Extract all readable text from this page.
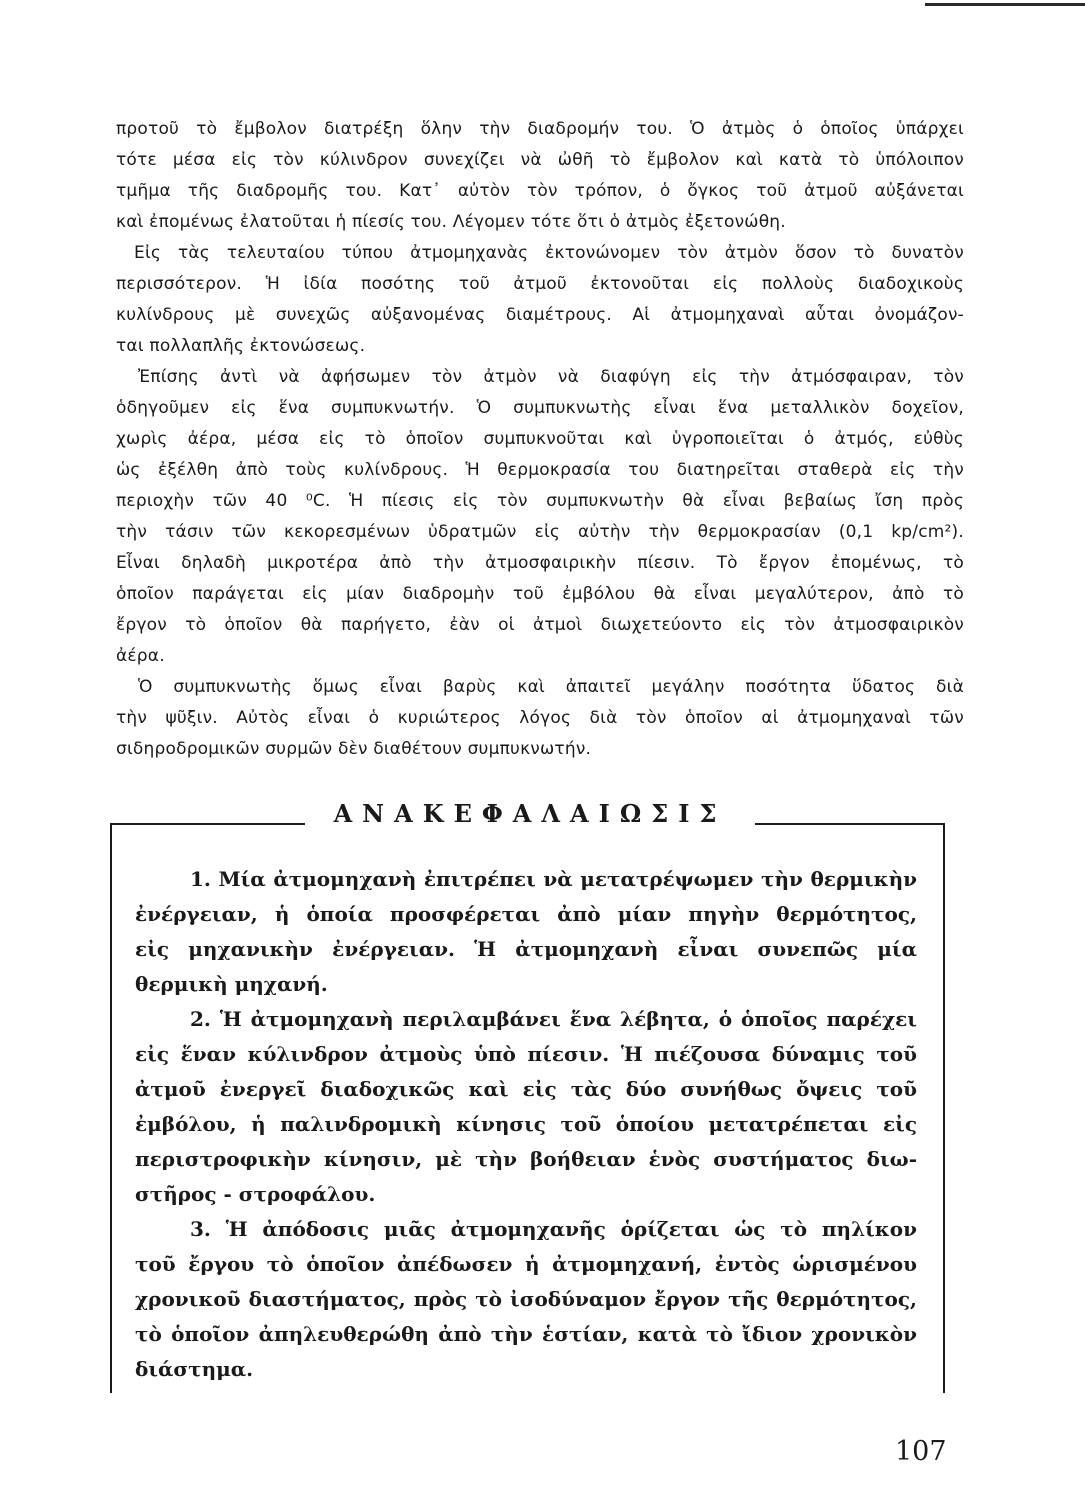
προτοῦ τὸ ἔμβολον διατρέξη ὅλην τὴν διαδρομήν του. Ὁ ἀτμὸς ὁ ὁποῖος ὑπάρχει
τότε μέσα εἰς τὸν κύλινδρον συνεχίζει νὰ ὠθῆ τὸ ἔμβολον καὶ κατὰ τὸ ὑπόλοιπον
τμῆμα τῆς διαδρομῆς του. Κατ᾽ αὐτὸν τὸν τρόπον, ὁ ὄγκος τοῦ ἀτμοῦ αὐξάνεται
καὶ ἐπομένως ἐλατοῦται ἡ πίεσίς του. Λέγομεν τότε ὅτι ὁ ἀτμὸς ἐξετονώθη.
Εἰς τὰς τελευταίου τύπου ἀτμομηχανὰς ἐκτονώνομεν τὸν ἀτμὸν ὅσον τὸ δυνατὸν
περισσότερον. Ἡ ἰδία ποσότης τοῦ ἀτμοῦ ἐκτονοῦται εἰς πολλοὺς διαδοχικοὺς
κυλίνδρους μὲ συνεχῶς αὐξανομένας διαμέτρους. Αἱ ἀτμομηχαναὶ αὗται ὀνομάζον-
ται πολλαπλῆς ἐκτονώσεως.
Ἐπίσης ἀντὶ νὰ ἀφήσωμεν τὸν ἀτμὸν νὰ διαφύγη εἰς τὴν ἀτμόσφαιραν, τὸν
ὁδηγοῦμεν εἰς ἕνα συμπυκνωτήν. Ὁ συμπυκνωτὴς εἶναι ἕνα μεταλλικὸν δοχεῖον,
χωρὶς ἀέρα, μέσα εἰς τὸ ὁποῖον συμπυκνοῦται καὶ ὑγροποιεῖται ὁ ἀτμός, εὐθὺς
ὡς ἐξέλθη ἀπὸ τοὺς κυλίνδρους. Ἡ θερμοκρασία του διατηρεῖται σταθερὰ εἰς τὴν
περιοχὴν τῶν 40 ⁰C. Ἡ πίεσις εἰς τὸν συμπυκνωτὴν θὰ εἶναι βεβαίως ἴση πρὸς
τὴν τάσιν τῶν κεκορεσμένων ὑδρατμῶν εἰς αὐτὴν τὴν θερμοκρασίαν (0,1 kp/cm²).
Εἶναι δηλαδὴ μικροτέρα ἀπὸ τὴν ἀτμοσφαιρικὴν πίεσιν. Τὸ ἔργον ἐπομένως, τὸ
ὁποῖον παράγεται εἰς μίαν διαδρομὴν τοῦ ἐμβόλου θὰ εἶναι μεγαλύτερον, ἀπὸ τὸ
ἔργον τὸ ὁποῖον θὰ παρήγετο, ἐὰν οἱ ἀτμοὶ διωχετεύοντο εἰς τὸν ἀτμοσφαιρικὸν
ἀέρα.
Ὁ συμπυκνωτὴς ὅμως εἶναι βαρὺς καὶ ἀπαιτεῖ μεγάλην ποσότητα ὕδατος διὰ
τὴν ψῦξιν. Αὐτὸς εἶναι ὁ κυριώτερος λόγος διὰ τὸν ὁποῖον αἱ ἀτμομηχαναὶ τῶν
σιδηροδρομικῶν συρμῶν δὲν διαθέτουν συμπυκνωτήν.
ΑΝΑΚΕΦΑΛΑΙΩΣΙΣ
1. Μία ἀτμομηχανὴ ἐπιτρέπει νὰ μετατρέψωμεν τὴν θερμικὴν
ἐνέργειαν, ἡ ὁποία προσφέρεται ἀπὸ μίαν πηγὴν θερμότητος,
εἰς μηχανικὴν ἐνέργειαν. Ἡ ἀτμομηχανὴ εἶναι συνεπῶς μία
θερμικὴ μηχανή.
2. Ἡ ἀτμομηχανὴ περιλαμβάνει ἕνα λέβητα, ὁ ὁποῖος παρέχει
εἰς ἕναν κύλινδρον ἀτμοὺς ὑπὸ πίεσιν. Ἡ πιέζουσα δύναμις τοῦ
ἀτμοῦ ἐνεργεῖ διαδοχικῶς καὶ εἰς τὰς δύο συνήθως ὄψεις τοῦ
ἐμβόλου, ἡ παλινδρομικὴ κίνησις τοῦ ὁποίου μετατρέπεται εἰς
περιστροφικὴν κίνησιν, μὲ τὴν βοήθειαν ἑνὸς συστήματος διω-
στῆρος - στροφάλου.
3. Ἡ ἀπόδοσις μιᾶς ἀτμομηχανῆς ὁρίζεται ὡς τὸ πηλίκον
τοῦ ἔργου τὸ ὁποῖον ἀπέδωσεν ἡ ἀτμομηχανή, ἐντὸς ὡρισμένου
χρονικοῦ διαστήματος, πρὸς τὸ ἰσοδύναμον ἔργον τῆς θερμότητος,
τὸ ὁποῖον ἀπηλευθερώθη ἀπὸ τὴν ἑστίαν, κατὰ τὸ ἴδιον χρονικὸν
διάστημα.
107
